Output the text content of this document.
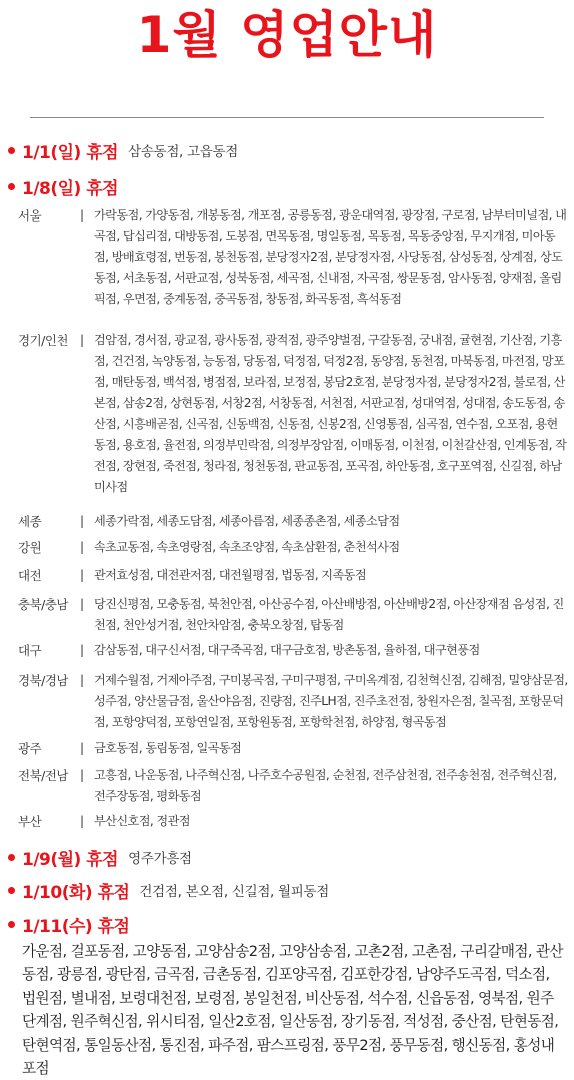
1월 영업안내
1/1(일) 휴점 삼송동점, 고읍동점
1/8(일) 휴점
서울	| 가락동점, 가양동점, 개봉동점, 개포점, 공릉동점, 광운대역점, 광장점, 구로점, 남부터미널점, 내곡점, 답십리점, 대방동점, 도봉점, 면목동점, 명일동점, 목동점, 목동중앙점, 무지개점, 미아동점, 방배효령점, 번동점, 봉천동점, 분당정자2점, 분당정자점, 사당동점, 삼성동점, 상계점, 상도동점, 서초동점, 서판교점, 성북동점, 세곡점, 신내점, 자곡점, 쌍문동점, 암사동점, 양재점, 올림픽점, 우면점, 중계동점, 중곡동점, 창동점, 화곡동점, 흑석동점
경기/인천 | 검암점, 경서점, 광교점, 광사동점, 광적점, 광주양벌점, 구갈동점, 궁내점, 귤현점, 기산점, 기흥점, 건건점, 녹양동점, 능동점, 당동점, 덕정점, 덕정2점, 동양점, 동천점, 마북동점, 마전점, 망포점, 매탄동점, 백석점, 병점점, 보라점, 보정점, 봉담2호점, 분당정자점, 분당정자2점, 불로점, 산본점, 삼송2점, 상현동점, 서창2점, 서창동점, 서천점, 서판교점, 성대역점, 성대점, 송도동점, 송산점, 시흥배곧점, 신곡점, 신동백점, 신동점, 신봉2점, 신영통점, 심곡점, 연수점, 오포점, 용현동점, 용호점, 율전점, 의정부민락점, 의정부장암점, 이매동점, 이천점, 이천갈산점, 인계동점, 작전점, 장현점, 죽전점, 청라점, 청천동점, 판교동점, 포곡점, 하안동점, 호구포역점, 신길점, 하남미사점
세종	| 세종가락점, 세종도담점, 세종아름점, 세종종촌점, 세종소담점
강원	| 속초교동점, 속초영랑점, 속초조양점, 속초삼환점, 춘천석사점
대전	| 관저효성점, 대전관저점, 대전월평점, 법동점, 지족동점
충북/충남 | 당진신평점, 모충동점, 북천안점, 아산공수점, 아산배방점, 아산배방2점, 아산장재점 음성점, 진천점, 천안성거점, 천안차암점, 충북오창점, 탑동점
대구	| 감삼동점, 대구신서점, 대구죽곡점, 대구금호점, 방촌동점, 율하점, 대구현풍점
경북/경남 | 거제수월점, 거제아주점, 구미봉곡점, 구미구평점, 구미옥계점, 김천혁신점, 김해점, 밀양삼문점, 성주점, 양산물금점, 울산야음점, 진량점, 진주LH점, 진주초전점, 창원자은점, 칠곡점, 포항문덕점, 포항양덕점, 포항연일점, 포항원동점, 포항학천점, 하양점, 형곡동점
광주	| 금호동점, 동림동점, 일곡동점
전북/전남 | 고흥점, 나운동점, 나주혁신점, 나주호수공원점, 순천점, 전주삼천점, 전주송천점, 전주혁신점, 전주장동점, 평화동점
부산	| 부산신호점, 정관점
1/9(월) 휴점 영주가흥점
1/10(화) 휴점 건검점, 본오점, 신길점, 월피동점
1/11(수) 휴점
가운점, 걸포동점, 고양동점, 고양삼송2점, 고양삼송점, 고촌2점, 고촌점, 구리갈매점, 관산동점, 광릉점, 광탄점, 금곡점, 금촌동점, 김포양곡점, 김포한강점, 남양주도곡점, 덕소점, 법원점, 별내점, 보령대천점, 보령점, 봉일천점, 비산동점, 석수점, 신읍동점, 영북점, 원주단계점, 원주혁신점, 위시티점, 일산2호점, 일산동점, 장기동점, 적성점, 중산점, 탄현동점, 탄현역점, 통일동산점, 통진점, 파주점, 팜스프링점, 풍무2점, 풍무동점, 행신동점, 홍성내포점
